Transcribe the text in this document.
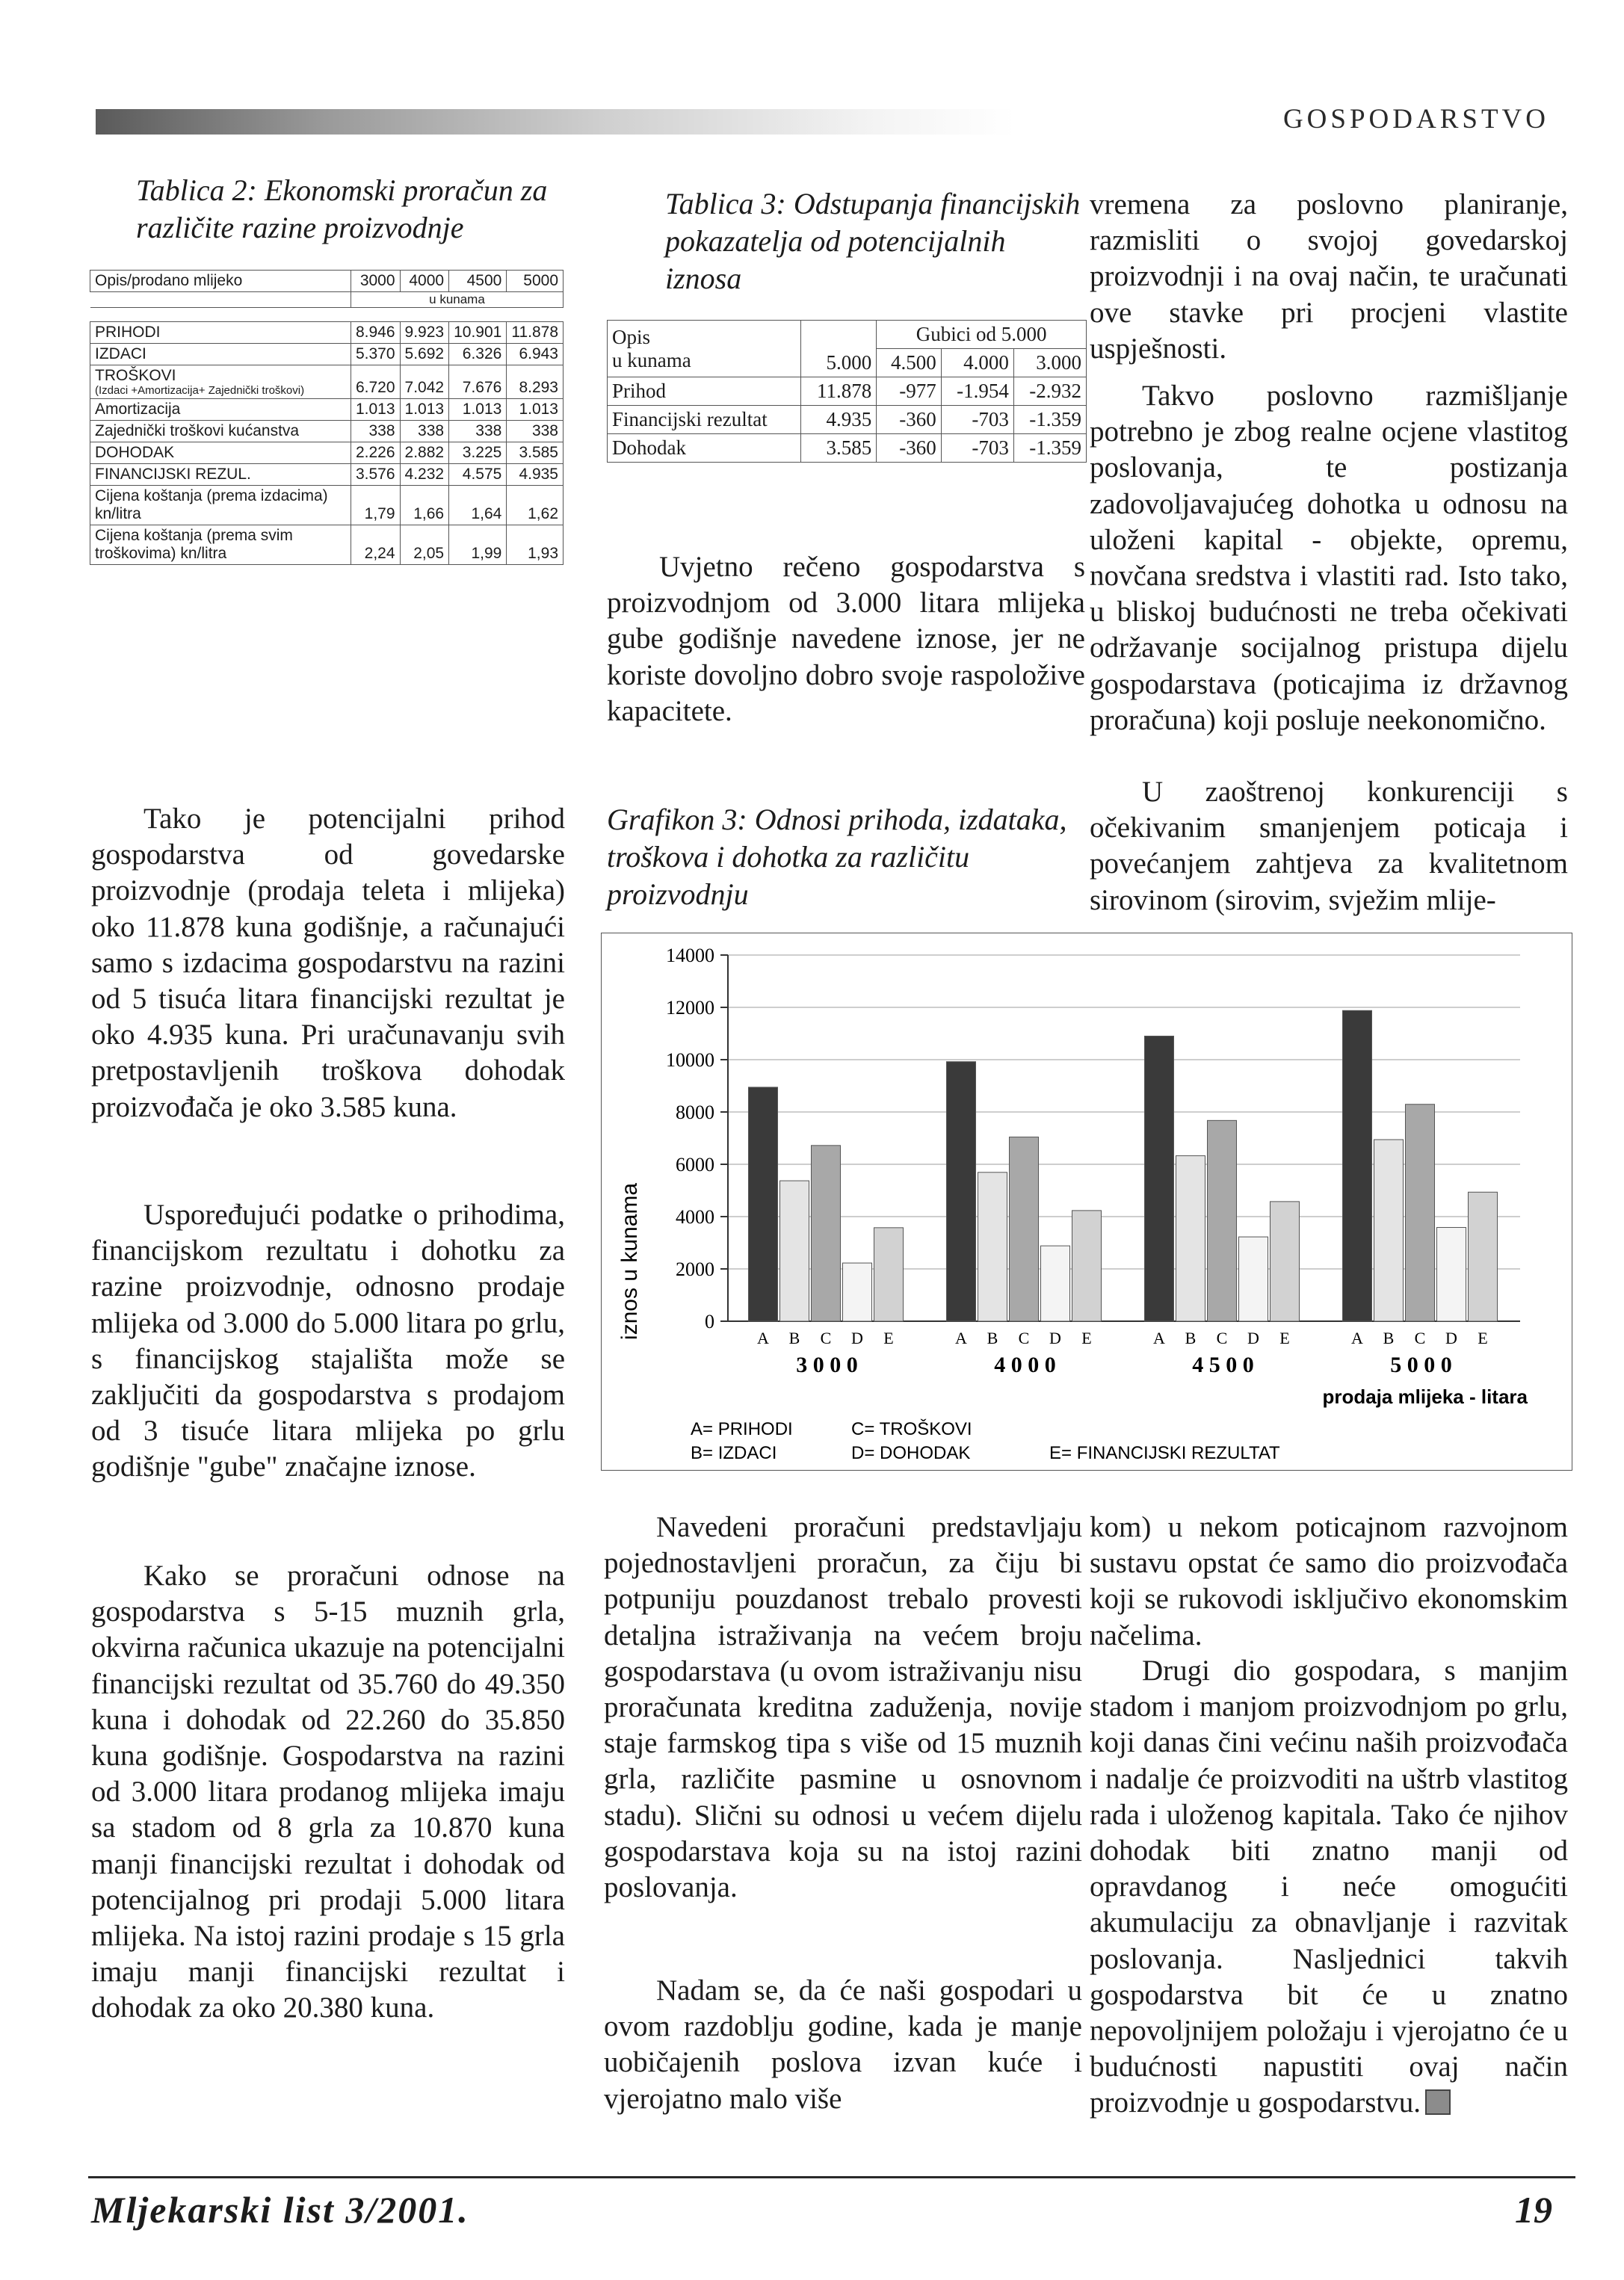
GOSPODARSTVO
Tablica 2: Ekonomski proračun za različite razine proizvodnje
Opis/prodano mlijeko	3000	4000	4500	5000
	u kunama			

PRIHODI	8.946	9.923	10.901	11.878
IZDACI	5.370	5.692	6.326	6.943
TROŠKOVI
(Izdaci +Amortizacija+ Zajednički troškovi)	6.720	7.042	7.676	8.293
Amortizacija	1.013	1.013	1.013	1.013
Zajednički troškovi kućanstva	338	338	338	338
DOHODAK	2.226	2.882	3.225	3.585
FINANCIJSKI REZUL.	3.576	4.232	4.575	4.935
Cijena koštanja (prema izdacima) kn/litra	1,79	1,66	1,64	1,62
Cijena koštanja (prema svim troškovima) kn/litra	2,24	2,05	1,99	1,93
Tako je potencijalni prihod gospodarstva od govedarske proizvodnje (prodaja teleta i mlijeka) oko 11.878 kuna godišnje, a računajući samo s izdacima gospodarstvu na razini od 5 tisuća litara financijski rezultat je oko 4.935 kuna. Pri uračunavanju svih pretpostavljenih troškova dohodak proizvođača je oko 3.585 kuna.
Uspoređujući podatke o prihodima, financijskom rezultatu i dohotku za razine proizvodnje, odnosno prodaje mlijeka od 3.000 do 5.000 litara po grlu, s financijskog stajališta može se zaključiti da gospodarstva s prodajom od 3 tisuće litara mlijeka po grlu godišnje "gube" značajne iznose.
Kako se proračuni odnose na gospodarstva s 5-15 muznih grla, okvirna računica ukazuje na potencijalni financijski rezultat od 35.760 do 49.350 kuna i dohodak od 22.260 do 35.850 kuna godišnje. Gospodarstva na razini od 3.000 litara prodanog mlijeka imaju sa stadom od 8 grla za 10.870 kuna manji financijski rezultat i dohodak od potencijalnog pri prodaji 5.000 litara mlijeka. Na istoj razini prodaje s 15 grla imaju manji financijski rezultat i dohodak za oko 20.380 kuna.
Tablica 3: Odstupanja financijskih pokazatelja od potencijalnih iznosa
Opis
u kunama		Gubici od 5.000		
	5.000	4.500	4.000	3.000
Prihod	11.878	-977	-1.954	-2.932
Financijski rezultat	4.935	-360	-703	-1.359
Dohodak	3.585	-360	-703	-1.359
Uvjetno rečeno gospodarstva s proizvodnjom od 3.000 litara mlijeka gube godišnje navedene iznose, jer ne koriste dovoljno dobro svoje raspoložive kapacitete.
Grafikon 3: Odnosi prihoda, izdataka, troškova i dohotka za različitu proizvodnju
0
2000
4000
6000
8000
10000
12000
14000
A B C D E	A B C D E	A B C D E	A B C D E
3 0 0 0	4 0 0 0	4 5 0 0	5 0 0 0
iznos u kunama
prodaja mlijeka - litara
A= PRIHODI
B= IZDACI
C= TROŠKOVI
D= DOHODAK	E= FINANCIJSKI REZULTAT
Navedeni proračuni predstavljaju pojednostavljeni proračun, za čiju bi potpuniju pouzdanost trebalo provesti detaljna istraživanja na većem broju gospodarstava (u ovom istraživanju nisu proračunata kreditna zaduženja, novije staje farmskog tipa s više od 15 muznih grla, različite pasmine u osnovnom stadu). Slični su odnosi u većem dijelu gospodarstava koja su na istoj razini poslovanja.
Nadam se, da će naši gospodari u ovom razdoblju godine, kada je manje uobičajenih poslova izvan kuće i vjerojatno malo više
vremena za poslovno planiranje, razmisliti o svojoj govedarskoj proizvodnji i na ovaj način, te uračunati ove stavke pri procjeni vlastite uspješnosti.
Takvo poslovno razmišljanje potrebno je zbog realne ocjene vlastitog poslovanja, te postizanja zadovoljavajućeg dohotka u odnosu na uloženi kapital - objekte, opremu, novčana sredstva i vlastiti rad. Isto tako, u bliskoj budućnosti ne treba očekivati održavanje socijalnog pristupa dijelu gospodarstava (poticajima iz državnog proračuna) koji posluje neekonomično.
U zaoštrenoj konkurenciji s očekivanim smanjenjem poticaja i povećanjem zahtjeva za kvalitetnom sirovinom (sirovim, svježim mlije-
kom) u nekom poticajnom razvojnom sustavu opstat će samo dio proizvođača koji se rukovodi isključivo ekonomskim načelima.
Drugi dio gospodara, s manjim stadom i manjom proizvodnjom po grlu, koji danas čini većinu naših proizvođača i nadalje će proizvoditi na uštrb vlastitog rada i uloženog kapitala. Tako će njihov dohodak biti znatno manji od opravdanog i neće omogućiti akumulaciju za obnavljanje i razvitak poslovanja. Nasljednici takvih gospodarstva bit će u znatno nepovoljnijem položaju i vjerojatno će u budućnosti napustiti ovaj način proizvodnje u gospodarstvu.
Mljekarski list 3/2001.	19
